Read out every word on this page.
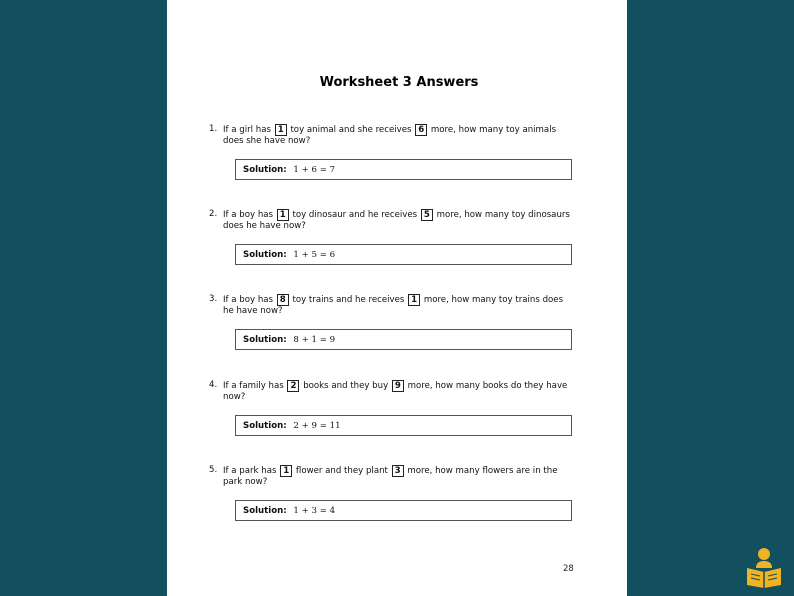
Worksheet 3 Answers
1. If a girl has 1 toy animal and she receives 6 more, how many toy animals does she have now?
Solution: 1 + 6 = 7
2. If a boy has 1 toy dinosaur and he receives 5 more, how many toy dinosaurs does he have now?
Solution: 1 + 5 = 6
3. If a boy has 8 toy trains and he receives 1 more, how many toy trains does he have now?
Solution: 8 + 1 = 9
4. If a family has 2 books and they buy 9 more, how many books do they have now?
Solution: 2 + 9 = 11
5. If a park has 1 flower and they plant 3 more, how many flowers are in the park now?
Solution: 1 + 3 = 4
28
